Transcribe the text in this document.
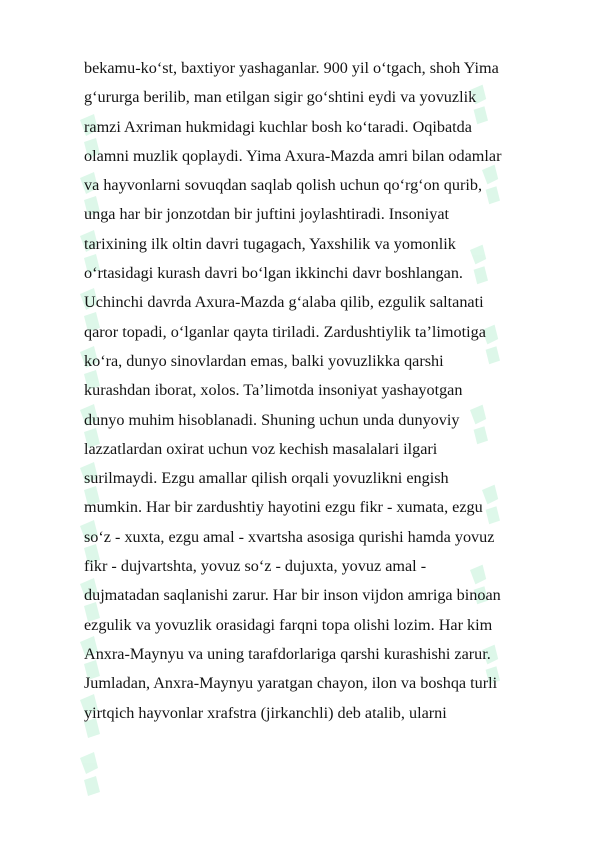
bekamu-ko‘st, baxtiyor yashaganlar. 900 yil o‘tgach, shoh Yima
g‘ururga berilib, man etilgan sigir go‘shtini eydi va yovuzlik
ramzi Axriman hukmidagi kuchlar bosh ko‘taradi. Oqibatda
olamni muzlik qoplaydi. Yima Axura-Mazda amri bilan odamlar
va hayvonlarni sovuqdan saqlab qolish uchun qo‘rg‘on qurib,
unga har bir jonzotdan bir juftini joylashtiradi. Insoniyat
tarixining ilk oltin davri tugagach, Yaxshilik va yomonlik
o‘rtasidagi kurash davri bo‘lgan ikkinchi davr boshlangan.
Uchinchi davrda Axura-Mazda g‘alaba qilib, ezgulik saltanati
qaror topadi, o‘lganlar qayta tiriladi. Zardushtiylik ta’limotiga
ko‘ra, dunyo sinovlardan emas, balki yovuzlikka qarshi
kurashdan iborat, xolos. Ta’limotda insoniyat yashayotgan
dunyo muhim hisoblanadi. Shuning uchun unda dunyoviy
lazzatlardan oxirat uchun voz kechish masalalari ilgari
surilmaydi. Ezgu amallar qilish orqali yovuzlikni engish
mumkin. Har bir zardushtiy hayotini ezgu fikr - xumata, ezgu
so‘z - xuxta, ezgu amal - xvartsha asosiga qurishi hamda yovuz
fikr - dujvartshta, yovuz so‘z - dujuxta, yovuz amal -
dujmatadan saqlanishi zarur. Har bir inson vijdon amriga binoan
ezgulik va yovuzlik orasidagi farqni topa olishi lozim. Har kim
Anxra-Maynyu va uning tarafdorlariga qarshi kurashishi zarur.
Jumladan, Anxra-Maynyu yaratgan chayon, ilon va boshqa turli
yirtqich hayvonlar xrafstra (jirkanchli) deb atalib, ularni
